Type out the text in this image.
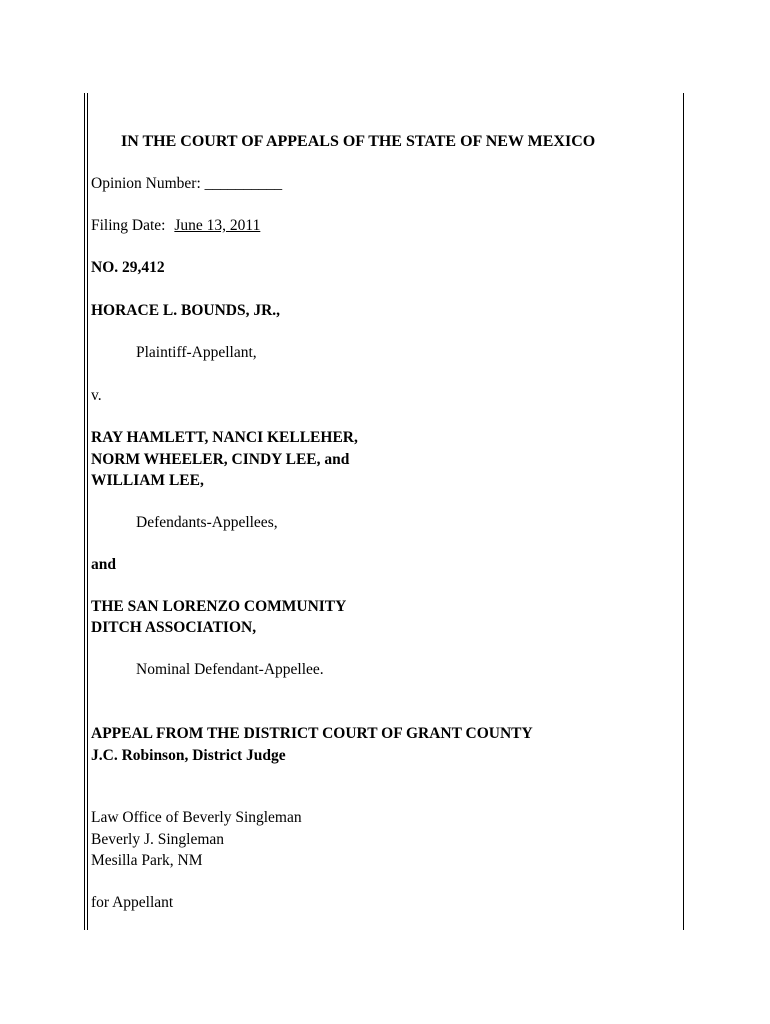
IN THE COURT OF APPEALS OF THE STATE OF NEW MEXICO
Opinion Number: __________
Filing Date: June 13, 2011
NO. 29,412
HORACE L. BOUNDS, JR.,
Plaintiff-Appellant,
v.
RAY HAMLETT, NANCI KELLEHER,
NORM WHEELER, CINDY LEE, and
WILLIAM LEE,
Defendants-Appellees,
and
THE SAN LORENZO COMMUNITY
DITCH ASSOCIATION,
Nominal Defendant-Appellee.
APPEAL FROM THE DISTRICT COURT OF GRANT COUNTY
J.C. Robinson, District Judge
Law Office of Beverly Singleman
Beverly J. Singleman
Mesilla Park, NM
for Appellant
